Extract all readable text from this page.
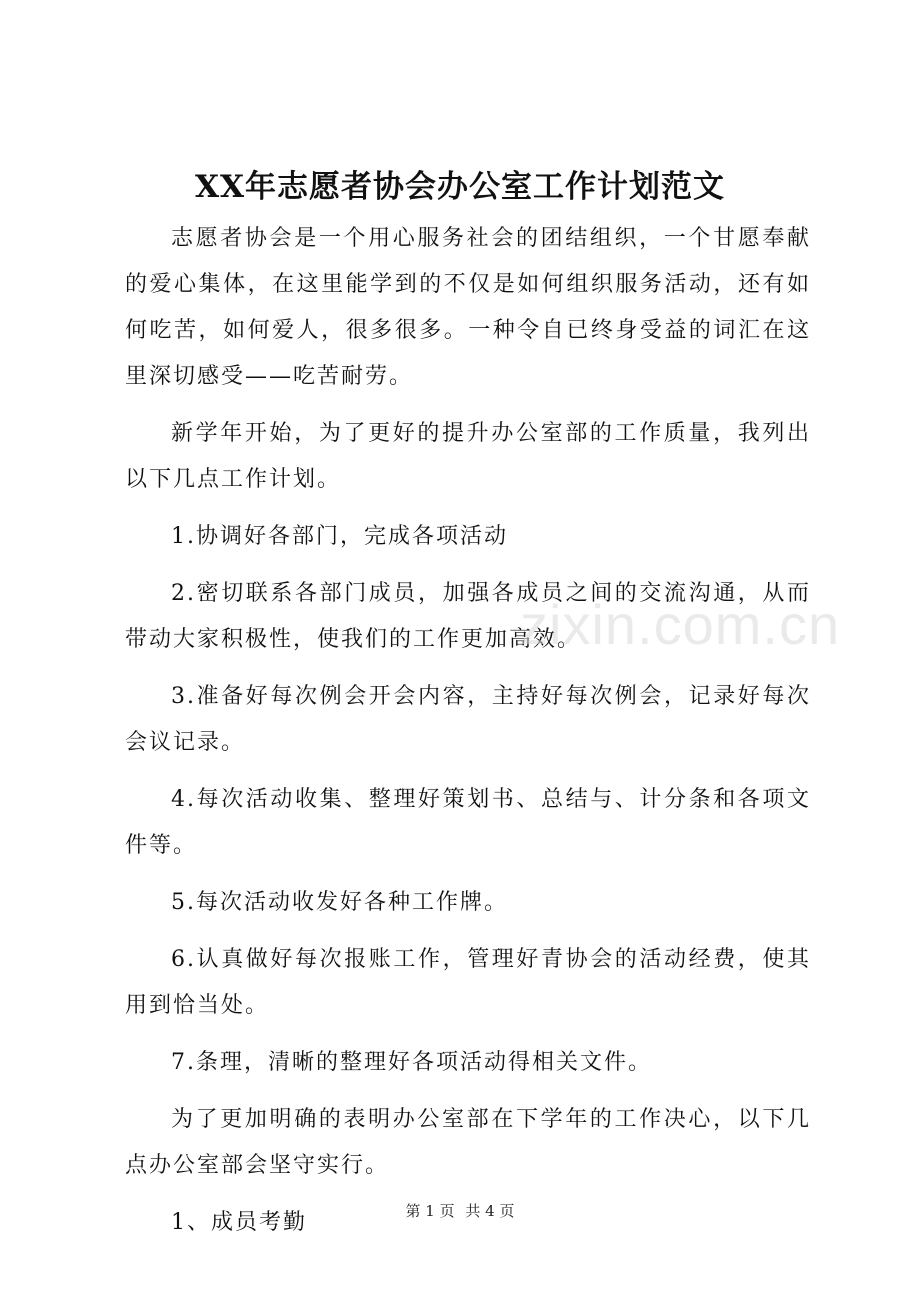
XX年志愿者协会办公室工作计划范文

志愿者协会是一个用心服务社会的团结组织，一个甘愿奉献的爱心集体，在这里能学到的不仅是如何组织服务活动，还有如何吃苦，如何爱人，很多很多。一种令自已终身受益的词汇在这里深切感受——吃苦耐劳。

新学年开始，为了更好的提升办公室部的工作质量，我列出以下几点工作计划。

1.协调好各部门，完成各项活动

2.密切联系各部门成员，加强各成员之间的交流沟通，从而带动大家积极性，使我们的工作更加高效。

3.准备好每次例会开会内容，主持好每次例会，记录好每次会议记录。

4.每次活动收集、整理好策划书、总结与、计分条和各项文件等。

5.每次活动收发好各种工作牌。

6.认真做好每次报账工作，管理好青协会的活动经费，使其用到恰当处。

7.条理，清晰的整理好各项活动得相关文件。

为了更加明确的表明办公室部在下学年的工作决心，以下几点办公室部会坚守实行。

1、成员考勤

zixin.com.cn
第 1 页 共 4 页
